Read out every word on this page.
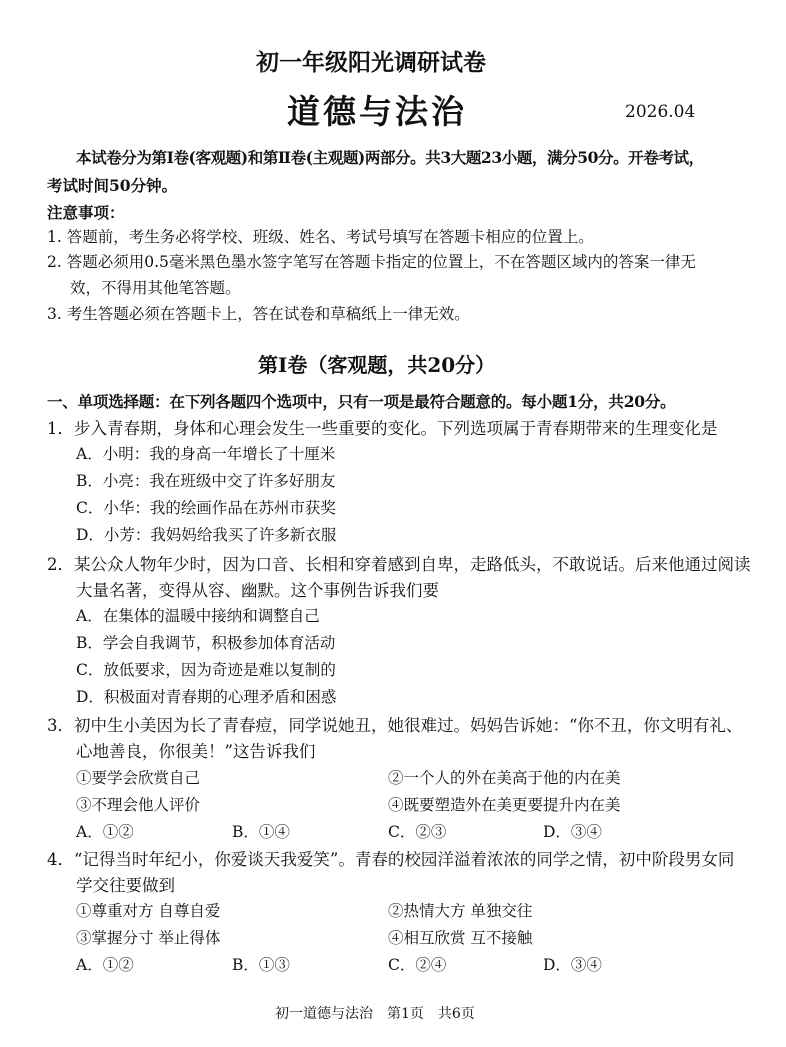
初一年级阳光调研试卷
道德与法治	2026.04
本试卷分为第Ⅰ卷(客观题)和第Ⅱ卷(主观题)两部分。共3大题23小题，满分50分。开卷考试，
考试时间50分钟。
注意事项：
1. 答题前，考生务必将学校、班级、姓名、考试号填写在答题卡相应的位置上。
2. 答题必须用0.5毫米黑色墨水签字笔写在答题卡指定的位置上，不在答题区域内的答案一律无
效，不得用其他笔答题。
3. 考生答题必须在答题卡上，答在试卷和草稿纸上一律无效。
第Ⅰ卷（客观题，共20分）
一、单项选择题：在下列各题四个选项中，只有一项是最符合题意的。每小题1分，共20分。
1．步入青春期，身体和心理会发生一些重要的变化。下列选项属于青春期带来的生理变化是
A．小明：我的身高一年增长了十厘米
B．小亮：我在班级中交了许多好朋友
C．小华：我的绘画作品在苏州市获奖
D．小芳：我妈妈给我买了许多新衣服
2．某公众人物年少时，因为口音、长相和穿着感到自卑，走路低头，不敢说话。后来他通过阅读
大量名著，变得从容、幽默。这个事例告诉我们要
A．在集体的温暖中接纳和调整自己
B．学会自我调节，积极参加体育活动
C．放低要求，因为奇迹是难以复制的
D．积极面对青春期的心理矛盾和困惑
3．初中生小美因为长了青春痘，同学说她丑，她很难过。妈妈告诉她：“你不丑，你文明有礼、
心地善良，你很美！”这告诉我们
①要学会欣赏自己	②一个人的外在美高于他的内在美
③不理会他人评价	④既要塑造外在美更要提升内在美
A．①②	B．①④	C．②③	D．③④
4．“记得当时年纪小，你爱谈天我爱笑”。青春的校园洋溢着浓浓的同学之情，初中阶段男女同
学交往要做到
①尊重对方 自尊自爱	②热情大方 单独交往
③掌握分寸 举止得体	④相互欣赏 互不接触
A．①②	B．①③	C．②④	D．③④
初一道德与法治　第1页　共6页
